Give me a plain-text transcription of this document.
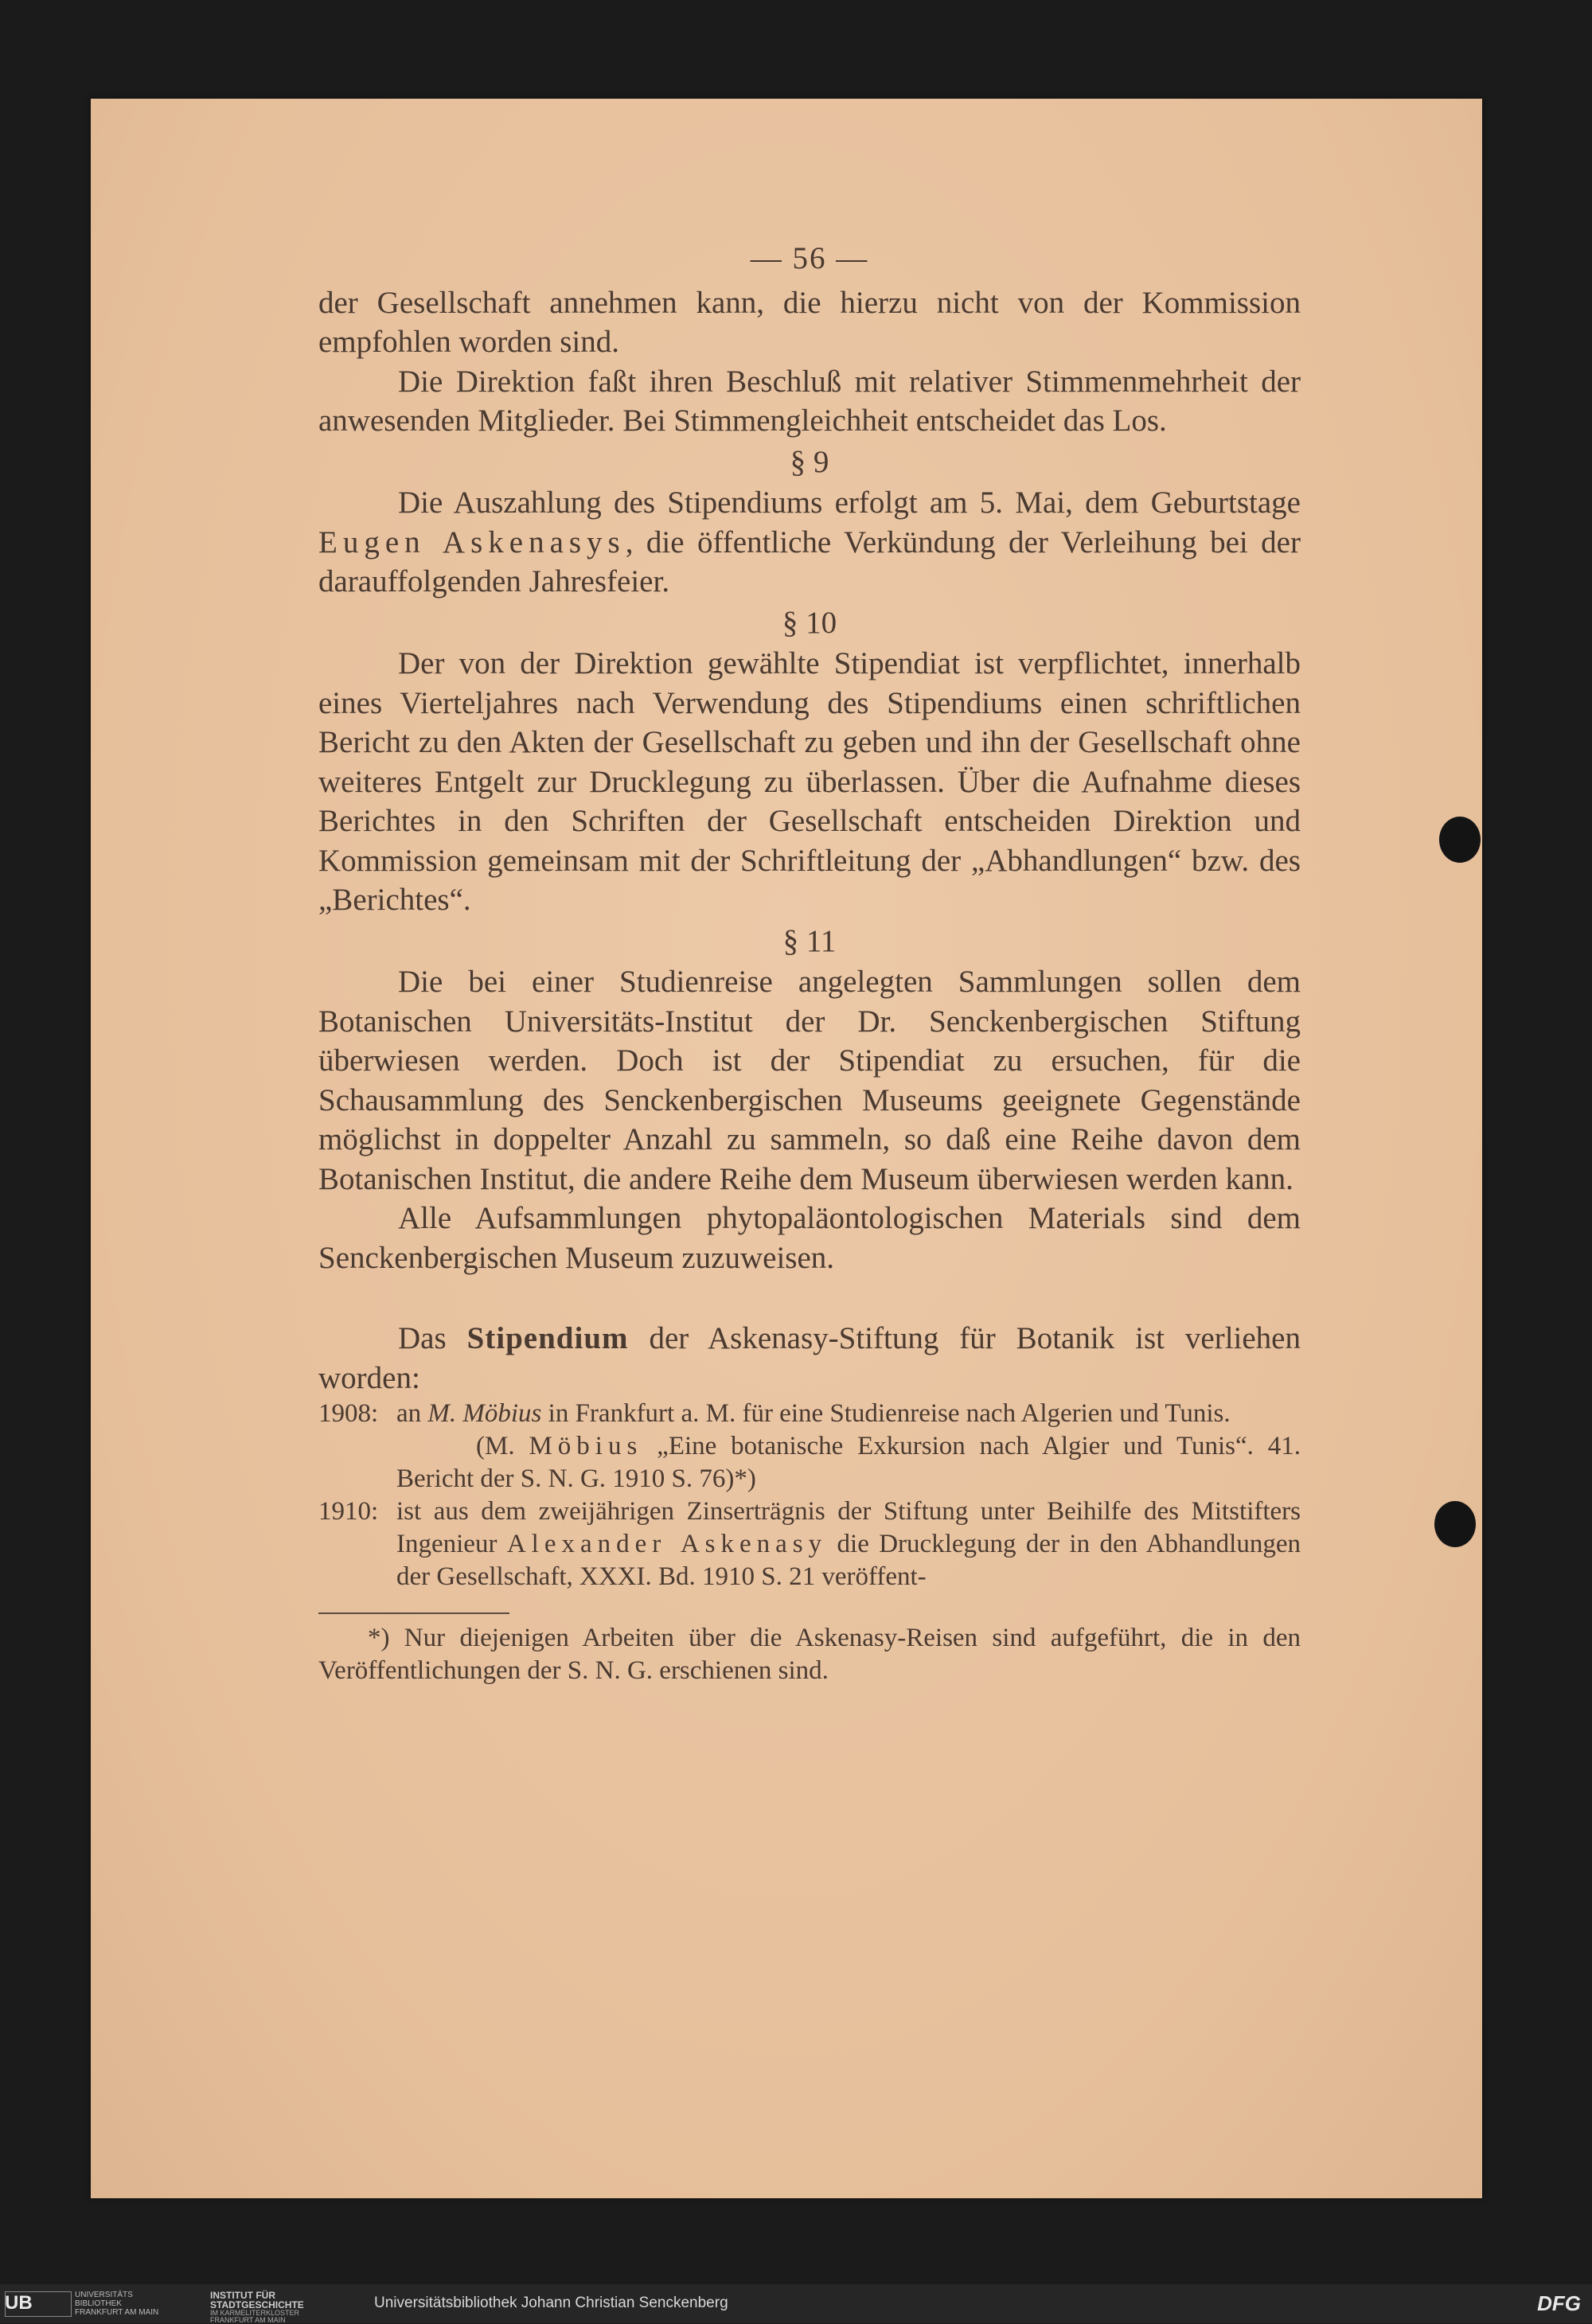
— 56 —

der Gesellschaft annehmen kann, die hierzu nicht von der Kommission empfohlen worden sind.

Die Direktion faßt ihren Beschluß mit relativer Stimmenmehrheit der anwesenden Mitglieder. Bei Stimmengleichheit entscheidet das Los.

§ 9

Die Auszahlung des Stipendiums erfolgt am 5. Mai, dem Geburtstage Eugen Askenasys, die öffentliche Verkündung der Verleihung bei der darauffolgenden Jahresfeier.

§ 10

Der von der Direktion gewählte Stipendiat ist verpflichtet, innerhalb eines Vierteljahres nach Verwendung des Stipendiums einen schriftlichen Bericht zu den Akten der Gesellschaft zu geben und ihn der Gesellschaft ohne weiteres Entgelt zur Drucklegung zu überlassen. Über die Aufnahme dieses Berichtes in den Schriften der Gesellschaft entscheiden Direktion und Kommission gemeinsam mit der Schriftleitung der „Abhandlungen“ bzw. des „Berichtes“.

§ 11

Die bei einer Studienreise angelegten Sammlungen sollen dem Botanischen Universitäts-Institut der Dr. Senckenbergischen Stiftung überwiesen werden. Doch ist der Stipendiat zu ersuchen, für die Schausammlung des Senckenbergischen Museums geeignete Gegenstände möglichst in doppelter Anzahl zu sammeln, so daß eine Reihe davon dem Botanischen Institut, die andere Reihe dem Museum überwiesen werden kann.

Alle Aufsammlungen phytopaläontologischen Materials sind dem Senckenbergischen Museum zuzuweisen.

Das Stipendium der Askenasy-Stiftung für Botanik ist verliehen worden:

1908: an M. Möbius in Frankfurt a. M. für eine Studienreise nach Algerien und Tunis.
(M. Möbius „Eine botanische Exkursion nach Algier und Tunis“. 41. Bericht der S. N. G. 1910 S. 76)*)
1910: ist aus dem zweijährigen Zinserträgnis der Stiftung unter Beihilfe des Mitstifters Ingenieur Alexander Askenasy die Drucklegung der in den Abhandlungen der Gesellschaft, XXXI. Bd. 1910 S. 21 veröffent-

*) Nur diejenigen Arbeiten über die Askenasy-Reisen sind aufgeführt, die in den Veröffentlichungen der S. N. G. erschienen sind.

UB	UNIVERSITÄTS BIBLIOTHEK FRANKFURT AM MAIN
INSTITUT FÜR STADTGESCHICHTE
IM KARMELITERKLOSTER FRANKFURT AM MAIN
Universitätsbibliothek Johann Christian Senckenberg	DFG
